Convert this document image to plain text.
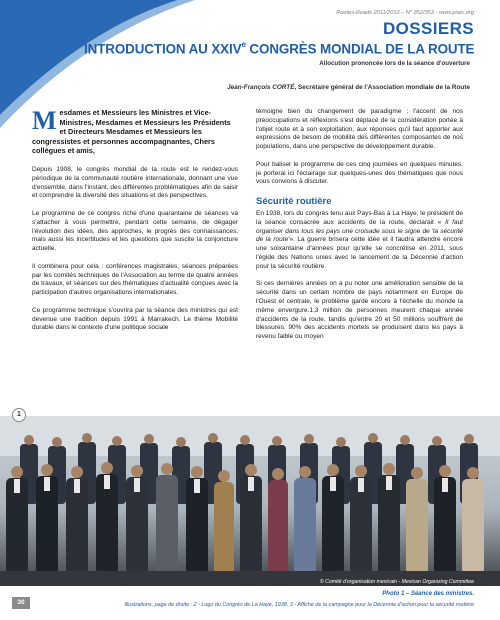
Routes-Roads 2011/2012 – N° 352/353 - www.piarc.org
DOSSIERS
INTRODUCTION AU XXIVe CONGRÈS MONDIAL DE LA ROUTE
Allocution prononcée lors de la séance d'ouverture
Jean-François CORTÉ, Secrétaire général de l'Association mondiale de la Route
Mesdames et Messieurs les Ministres et Vice-Ministres, Mesdames et Messieurs les Présidents et Directeurs Mesdames et Messieurs les congressistes et personnes accompagnantes, Chers collègues et amis,

Depuis 1908, le congrès mondial de la route est le rendez-vous périodique de la communauté routière internationale, donnant une vue d'ensemble, dans l'instant, des différentes problématiques afin de saisir et comprendre la diversité des situations et des perspectives.

Le programme de ce congrès riche d'une quarantaine de séances va s'attacher à vous permettre, pendant cette semaine, de dégager l'évolution des idées, des approches, le progrès des connaissances, mais aussi les incertitudes et les questions que suscite la conjoncture actuelle.

Il combinera pour cela : conférences magistrales, séances préparées par les comités techniques de l'Association au terme de quatre années de travaux, et séances sur des thématiques d'actualité conçues avec la participation d'autres organisations internationales.

Ce programme technique s'ouvrira par la séance des ministres qui est devenue une tradition depuis 1991 à Marrakech. Le thème Mobilité durable dans le contexte d'une politique sociale

témoigne bien du changement de paradigme ; l'accent de nos préoccupations et réflexions s'est déplacé de la considération portée à l'objet route et à son exploitation, aux réponses qu'il faut apporter aux expressions de besoin de mobilité des différentes composantes de nos populations, dans une perspective de développement durable.

Pour baliser le programme de ces cinq journées en quelques minutes, je porterai ici l'éclairage sur quelques-unes des thématiques que nous vous convions à discuter.

Sécurité routière

En 1938, lors du congrès tenu aux Pays-Bas à La Haye, le président de la séance consacrée aux accidents de la route, déclarait « Il faut organiser dans tous les pays une croisade sous le signe de 'la sécurité de la route'». La guerre brisera cette idée et il faudra attendre encore une soixantaine d'années pour qu'elle se concrétise en 2011, sous l'égide des Nations unies avec le lancement de la Décennie d'action pour la sécurité routière.

Si ces dernières années on a pu noter une amélioration sensible de la sécurité dans un certain nombre de pays notamment en Europe de l'Ouest et centrale, le problème garde encore à l'échelle du monde la même envergure.1,3 million de personnes meurent chaque année d'accidents de la route, tandis qu'entre 20 et 50 millions souffrent de blessures. 90% des accidents mortels se produisent dans les pays à revenu faible ou moyen

1
© Comité d'organisation mexicain - Mexican Organizing Committee
30
Photo 1 – Séance des ministres.
Illustrations, page de droite : 2 - Logo du Congrès de La Haye, 1938. 3 - Affiche de la campagne pour la Décennie d'action pour la sécurité routière
